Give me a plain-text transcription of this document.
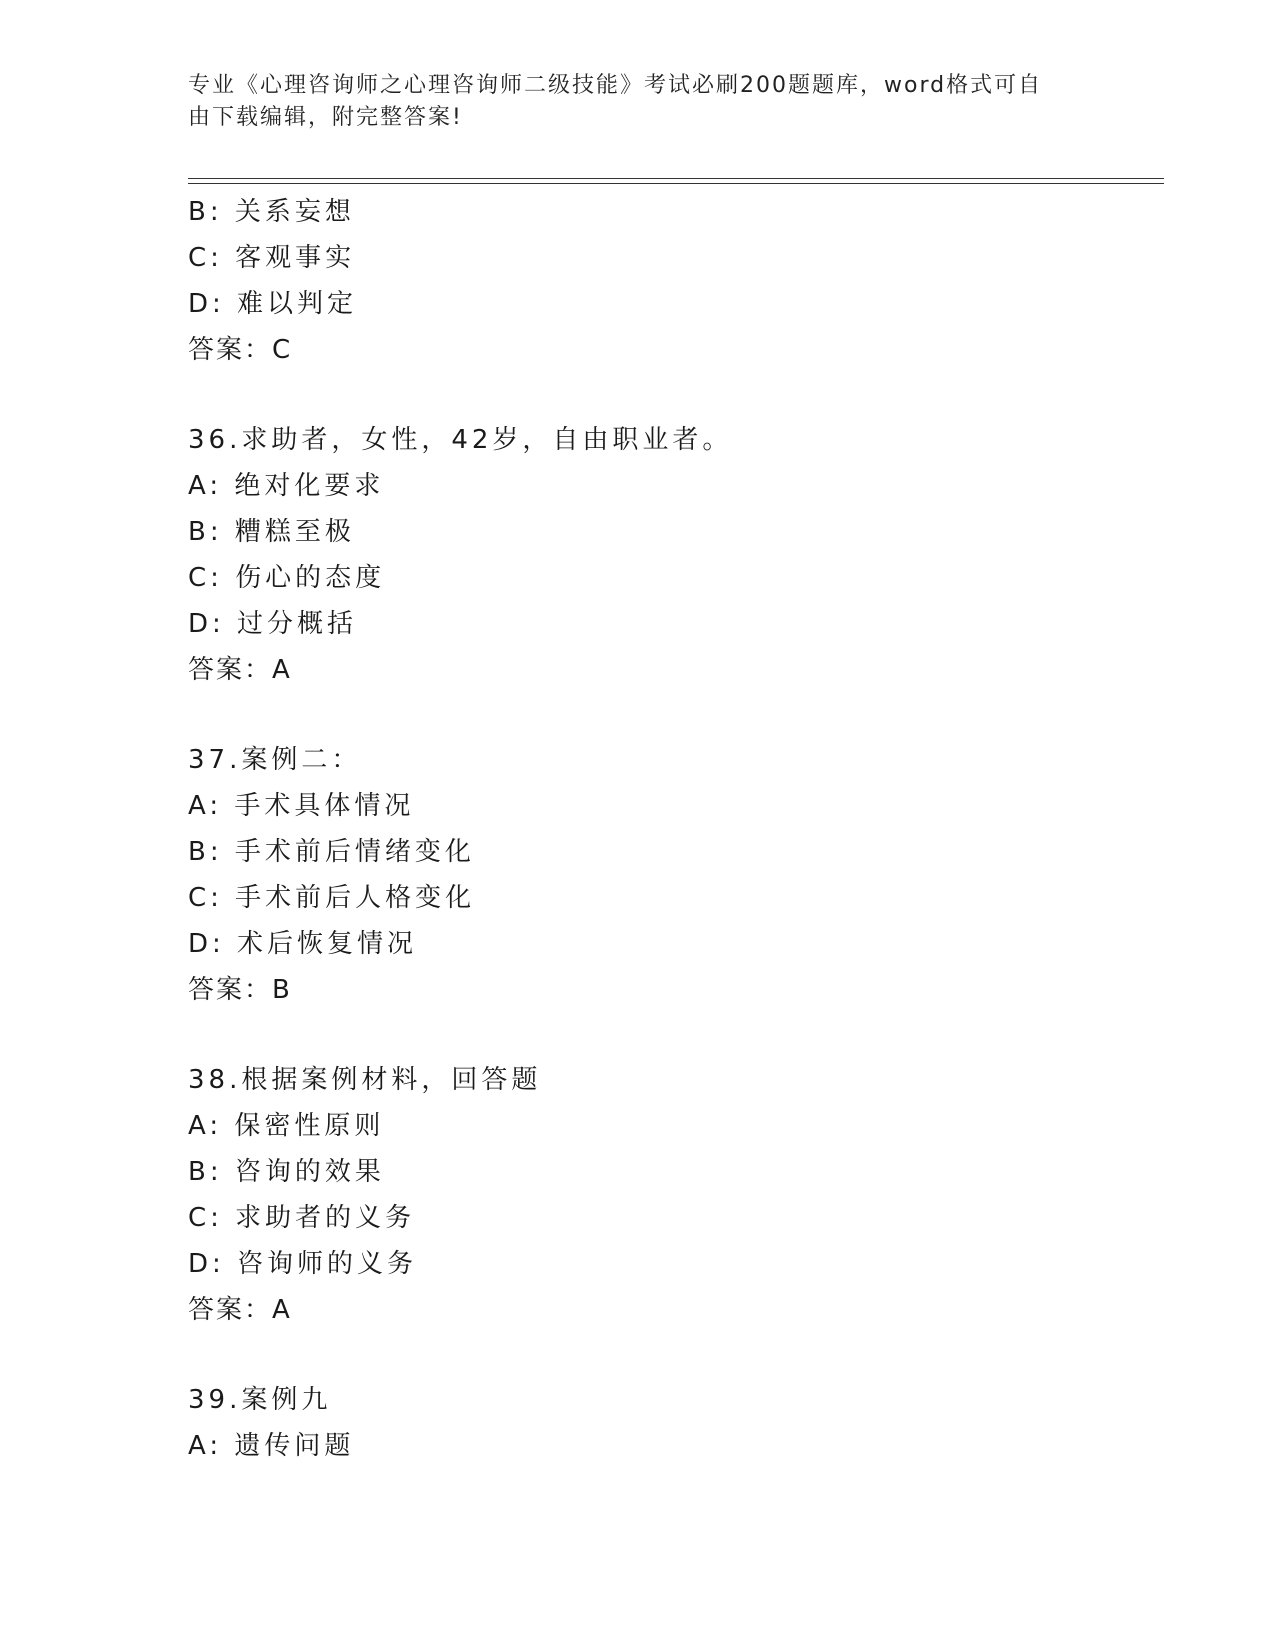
专业《心理咨询师之心理咨询师二级技能》考试必刷200题题库，word格式可自
由下载编辑，附完整答案!
B: 关系妄想
C: 客观事实
D: 难以判定
答案：C
36.求助者，女性，42岁，自由职业者。
A: 绝对化要求
B: 糟糕至极
C: 伤心的态度
D: 过分概括
答案：A
37.案例二：
A: 手术具体情况
B: 手术前后情绪变化
C: 手术前后人格变化
D: 术后恢复情况
答案：B
38.根据案例材料，回答题
A: 保密性原则
B: 咨询的效果
C: 求助者的义务
D: 咨询师的义务
答案：A
39.案例九
A: 遗传问题
